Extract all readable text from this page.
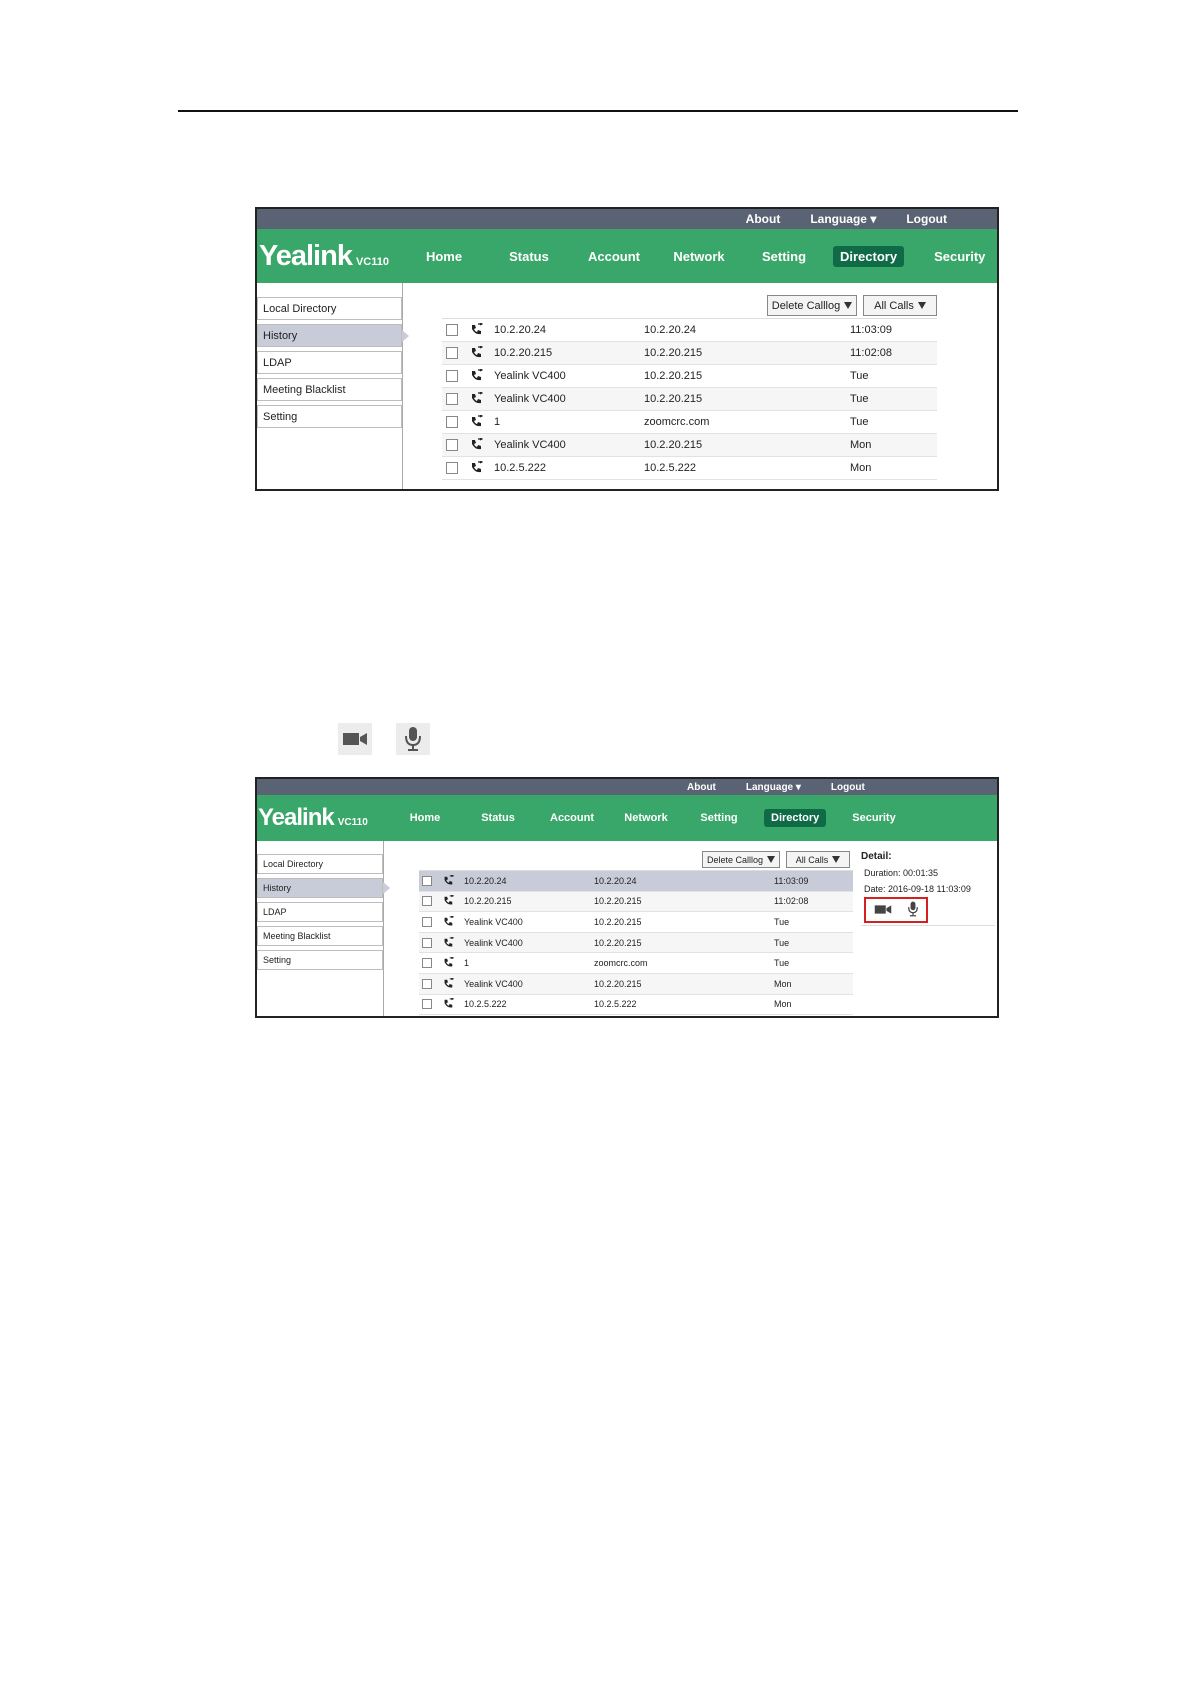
About	Language ▾	Logout
Yealink VC110	Home	Status	Account	Network	Setting	Directory	Security
Local Directory
History
LDAP
Meeting Blacklist
Setting
Delete Calllog	All Calls
10.2.20.24	10.2.20.24	11:03:09
10.2.20.215	10.2.20.215	11:02:08
Yealink VC400	10.2.20.215	Tue
Yealink VC400	10.2.20.215	Tue
1	zoomcrc.com	Tue
Yealink VC400	10.2.20.215	Mon
10.2.5.222	10.2.5.222	Mon
About	Language ▾	Logout
Yealink VC110	Home	Status	Account	Network	Setting	Directory	Security
Local Directory
History
LDAP
Meeting Blacklist
Setting
Delete Calllog	All Calls
10.2.20.24	10.2.20.24	11:03:09
10.2.20.215	10.2.20.215	11:02:08
Yealink VC400	10.2.20.215	Tue
Yealink VC400	10.2.20.215	Tue
1	zoomcrc.com	Tue
Yealink VC400	10.2.20.215	Mon
10.2.5.222	10.2.5.222	Mon
Detail:
Duration: 00:01:35
Date: 2016-09-18 11:03:09
